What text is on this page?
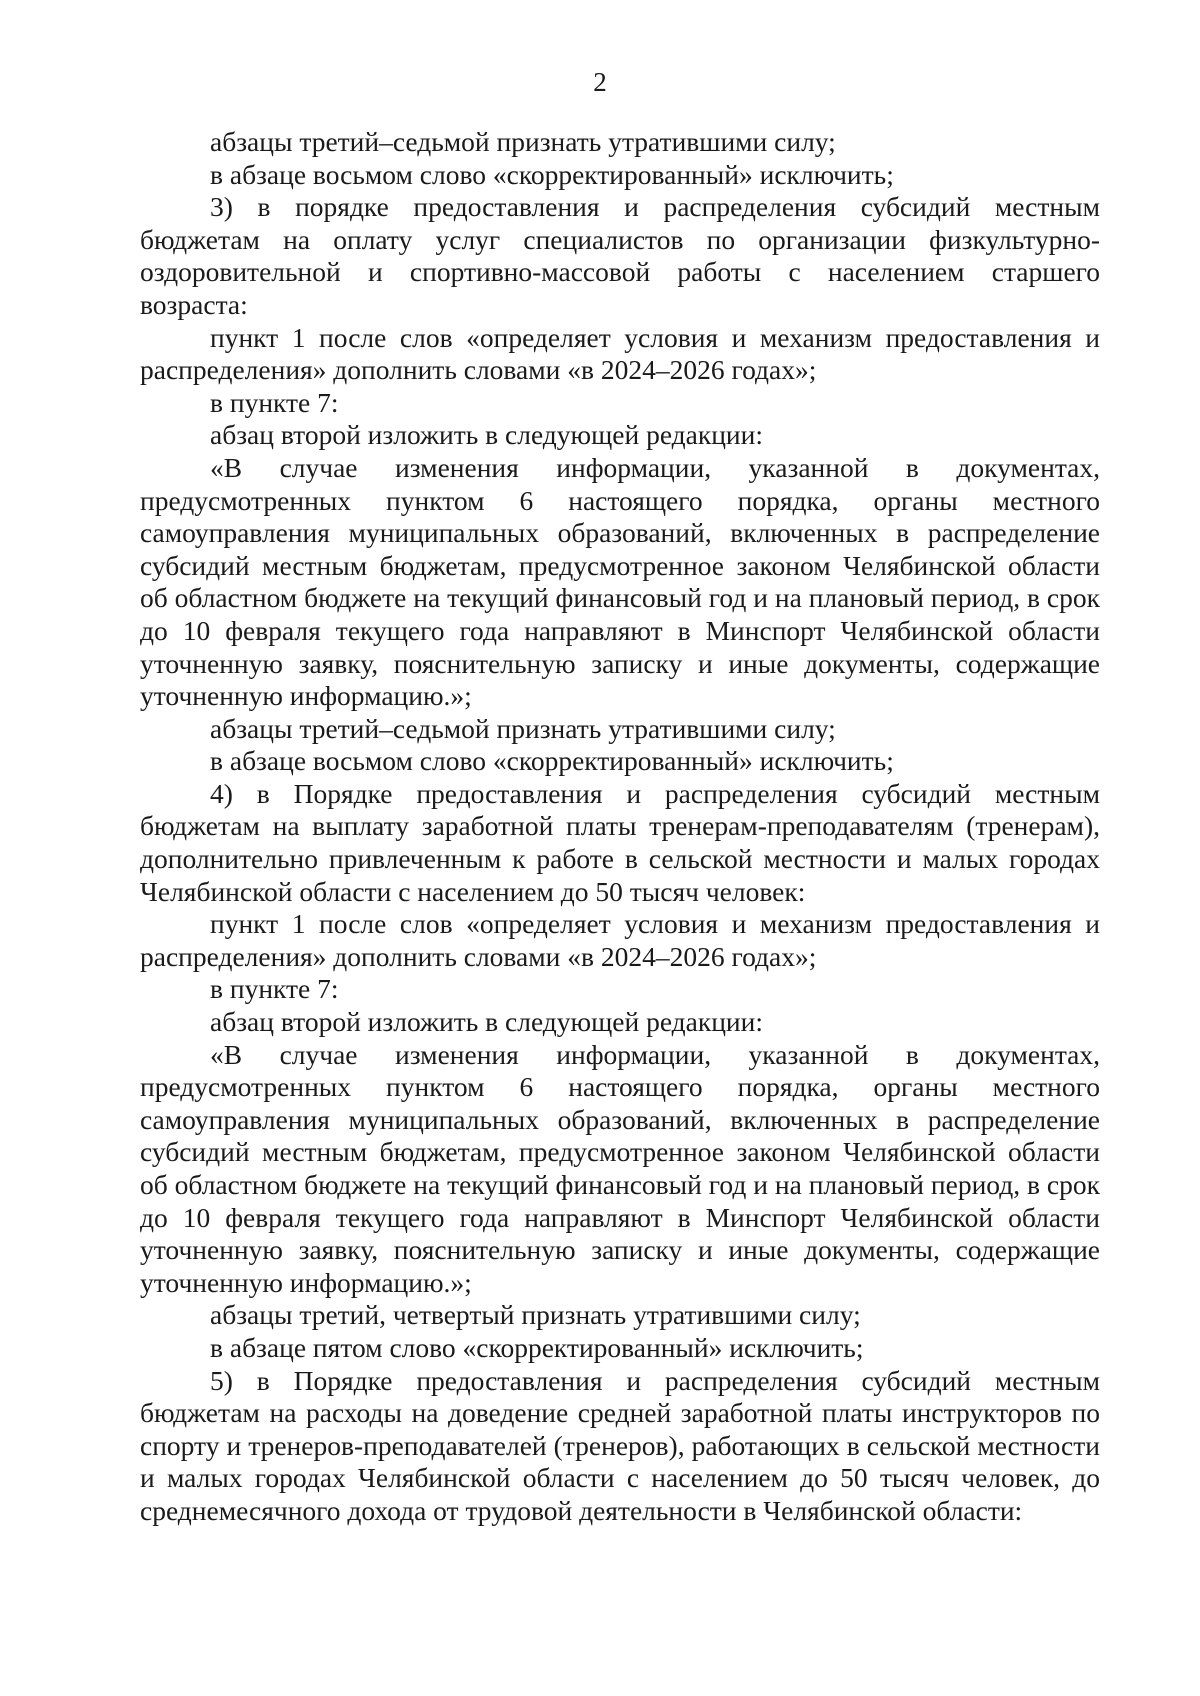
2

абзацы третий–седьмой признать утратившими силу;

в абзаце восьмом слово «скорректированный» исключить;

3) в порядке предоставления и распределения субсидий местным бюджетам на оплату услуг специалистов по организации физкультурно-оздоровительной и спортивно-массовой работы с населением старшего возраста:

пункт 1 после слов «определяет условия и механизм предоставления и распределения» дополнить словами «в 2024–2026 годах»;

в пункте 7:

абзац второй изложить в следующей редакции:

«В случае изменения информации, указанной в документах, предусмотренных пунктом 6 настоящего порядка, органы местного самоуправления муниципальных образований, включенных в распределение субсидий местным бюджетам, предусмотренное законом Челябинской области об областном бюджете на текущий финансовый год и на плановый период, в срок до 10 февраля текущего года направляют в Минспорт Челябинской области уточненную заявку, пояснительную записку и иные документы, содержащие уточненную информацию.»;

абзацы третий–седьмой признать утратившими силу;

в абзаце восьмом слово «скорректированный» исключить;

4) в Порядке предоставления и распределения субсидий местным бюджетам на выплату заработной платы тренерам-преподавателям (тренерам), дополнительно привлеченным к работе в сельской местности и малых городах Челябинской области с населением до 50 тысяч человек:

пункт 1 после слов «определяет условия и механизм предоставления и распределения» дополнить словами «в 2024–2026 годах»;

в пункте 7:

абзац второй изложить в следующей редакции:

«В случае изменения информации, указанной в документах, предусмотренных пунктом 6 настоящего порядка, органы местного самоуправления муниципальных образований, включенных в распределение субсидий местным бюджетам, предусмотренное законом Челябинской области об областном бюджете на текущий финансовый год и на плановый период, в срок до 10 февраля текущего года направляют в Минспорт Челябинской области уточненную заявку, пояснительную записку и иные документы, содержащие уточненную информацию.»;

абзацы третий, четвертый признать утратившими силу;

в абзаце пятом слово «скорректированный» исключить;

5) в Порядке предоставления и распределения субсидий местным бюджетам на расходы на доведение средней заработной платы инструкторов по спорту и тренеров-преподавателей (тренеров), работающих в сельской местности и малых городах Челябинской области с населением до 50 тысяч человек, до среднемесячного дохода от трудовой деятельности в Челябинской области:
